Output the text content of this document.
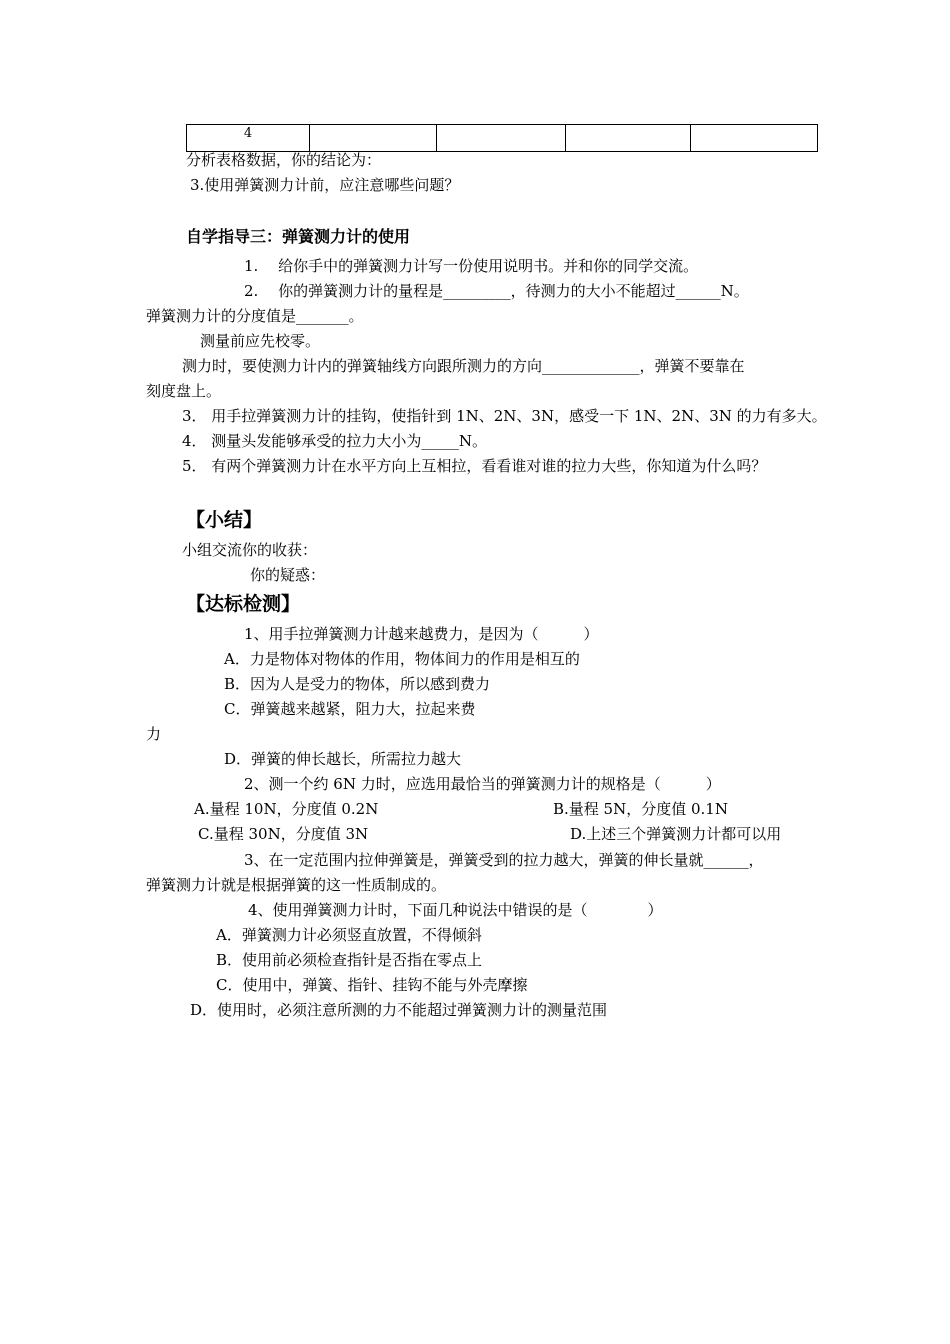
4				
分析表格数据，你的结论为：
3.使用弹簧测力计前，应注意哪些问题？
自学指导三：弹簧测力计的使用
1.　 给你手中的弹簧测力计写一份使用说明书。并和你的同学交流。
2.　 你的弹簧测力计的量程是_________，待测力的大小不能超过______N。
弹簧测力计的分度值是_______。
测量前应先校零。
测力时，要使测力计内的弹簧轴线方向跟所测力的方向_____________，弹簧不要靠在
刻度盘上。
3． 用手拉弹簧测力计的挂钩，使指针到 1N、2N、3N，感受一下 1N、2N、3N 的力有多大。
4． 测量头发能够承受的拉力大小为_____N。
5． 有两个弹簧测力计在水平方向上互相拉，看看谁对谁的拉力大些，你知道为什么吗？
【小结】
小组交流你的收获：
你的疑惑：
【达标检测】
1、用手拉弹簧测力计越来越费力，是因为（　　　）
A．力是物体对物体的作用，物体间力的作用是相互的
B．因为人是受力的物体，所以感到费力
C．弹簧越来越紧，阻力大，拉起来费
力
D．弹簧的伸长越长，所需拉力越大
2、测一个约 6N 力时，应选用最恰当的弹簧测力计的规格是（　　　）
A.量程 10N，分度值 0.2N	B.量程 5N，分度值 0.1N
C.量程 30N，分度值 3N	D.上述三个弹簧测力计都可以用
3、在一定范围内拉伸弹簧是，弹簧受到的拉力越大，弹簧的伸长量就______，
弹簧测力计就是根据弹簧的这一性质制成的。
4、使用弹簧测力计时，下面几种说法中错误的是（　　　　）
A．弹簧测力计必须竖直放置，不得倾斜
B．使用前必须检查指针是否指在零点上
C．使用中，弹簧、指针、挂钩不能与外壳摩擦
D．使用时，必须注意所测的力不能超过弹簧测力计的测量范围
